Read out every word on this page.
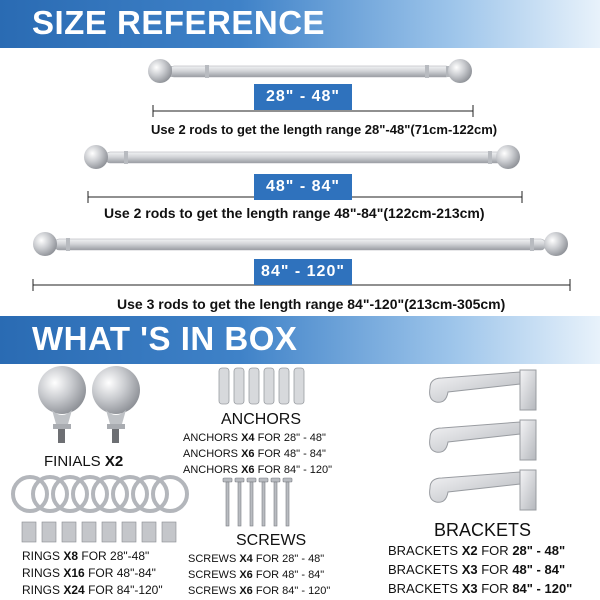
SIZE REFERENCE
WHAT 'S IN BOX
28" - 48"
Use 2 rods to get the length range 28"-48"(71cm-122cm)
48" - 84"
Use 2 rods to get the length range 48"-84"(122cm-213cm)
84" - 120"
Use 3 rods to get the length range 84"-120"(213cm-305cm)
FINIALS X2
ANCHORS
ANCHORS X4 FOR 28" - 48"
ANCHORS X6 FOR 48" - 84"
ANCHORS X6 FOR 84" - 120"
SCREWS
SCREWS X4 FOR 28" - 48"
SCREWS X6 FOR 48" - 84"
SCREWS X6 FOR 84" - 120"
RINGS X8 FOR 28"-48"
RINGS X16 FOR 48"-84"
RINGS X24 FOR 84"-120"
BRACKETS
BRACKETS X2 FOR 28" - 48"
BRACKETS X3 FOR 48" - 84"
BRACKETS X3 FOR 84" - 120"
